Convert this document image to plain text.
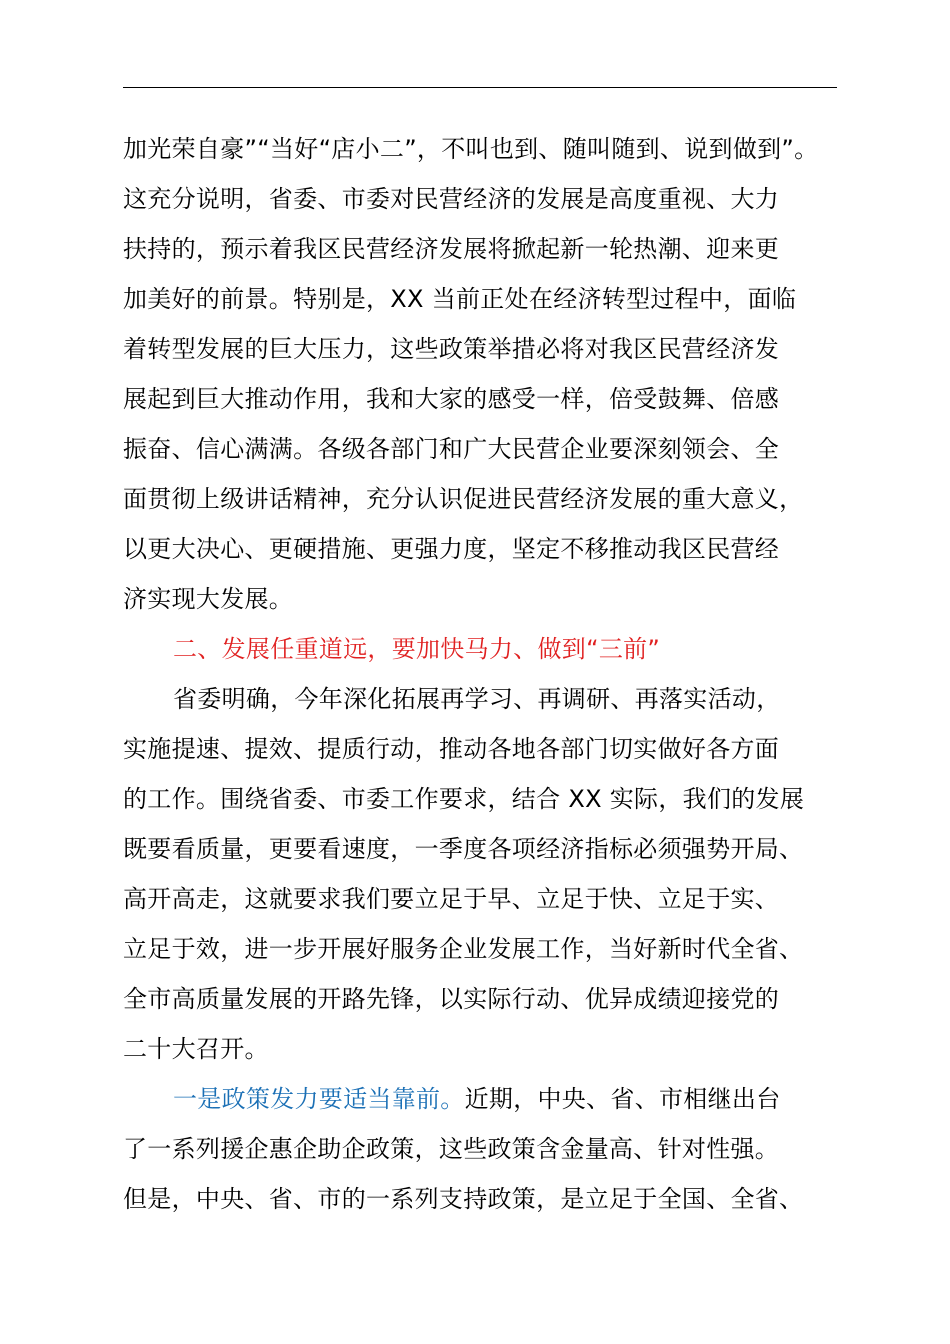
加光荣自豪”“当好“店小二”，不叫也到、随叫随到、说到做到”。
这充分说明，省委、市委对民营经济的发展是高度重视、大力
扶持的，预示着我区民营经济发展将掀起新一轮热潮、迎来更
加美好的前景。特别是，XX 当前正处在经济转型过程中，面临
着转型发展的巨大压力，这些政策举措必将对我区民营经济发
展起到巨大推动作用，我和大家的感受一样，倍受鼓舞、倍感
振奋、信心满满。各级各部门和广大民营企业要深刻领会、全
面贯彻上级讲话精神，充分认识促进民营经济发展的重大意义，
以更大决心、更硬措施、更强力度，坚定不移推动我区民营经
济实现大发展。
二、发展任重道远，要加快马力、做到“三前”
省委明确，今年深化拓展再学习、再调研、再落实活动，
实施提速、提效、提质行动，推动各地各部门切实做好各方面
的工作。围绕省委、市委工作要求，结合 XX 实际，我们的发展
既要看质量，更要看速度，一季度各项经济指标必须强势开局、
高开高走，这就要求我们要立足于早、立足于快、立足于实、
立足于效，进一步开展好服务企业发展工作，当好新时代全省、
全市高质量发展的开路先锋，以实际行动、优异成绩迎接党的
二十大召开。
一是政策发力要适当靠前。近期，中央、省、市相继出台
了一系列援企惠企助企政策，这些政策含金量高、针对性强。
但是，中央、省、市的一系列支持政策，是立足于全国、全省、
